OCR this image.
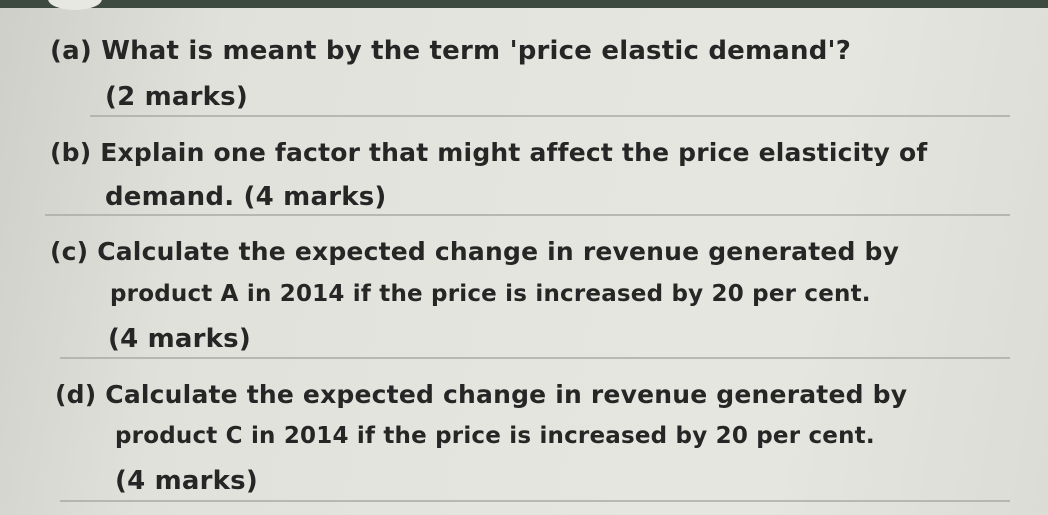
(a) What is meant by the term 'price elastic demand'?

(2 marks)

(b) Explain one factor that might affect the price elasticity of

demand. (4 marks)

(c) Calculate the expected change in revenue generated by

product A in 2014 if the price is increased by 20 per cent.

(4 marks)

(d) Calculate the expected change in revenue generated by

product C in 2014 if the price is increased by 20 per cent.

(4 marks)
